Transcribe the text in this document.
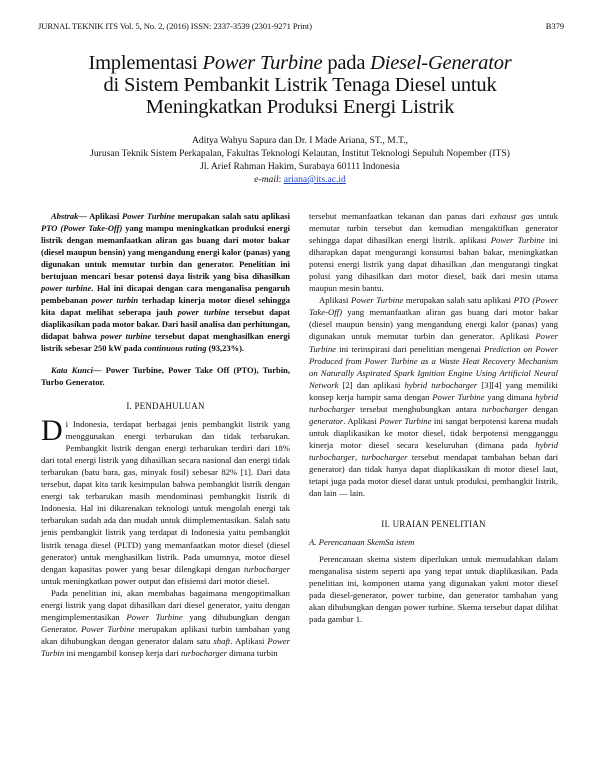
JURNAL TEKNIK ITS Vol. 5, No. 2, (2016) ISSN: 2337-3539 (2301-9271 Print)	B379

Implementasi Power Turbine pada Diesel-Generator

di Sistem Pembankit Listrik Tenaga Diesel untuk

Meningkatkan Produksi Energi Listrik

Aditya Wahyu Sapura dan Dr. I Made Ariana, ST., M.T.,

Jurusan Teknik Sistem Perkapalan, Fakultas Teknologi Kelautan, Institut Teknologi Sepuluh Nopember (ITS)

Jl. Arief Rahman Hakim, Surabaya 60111 Indonesia

e-mail: ariana@its.ac.id

Abstrak— Aplikasi Power Turbine merupakan salah satu aplikasi PTO (Power Take-Off) yang mampu meningkatkan produksi energi listrik dengan memanfaatkan aliran gas buang dari motor bakar (diesel maupun bensin) yang mengandung energi kalor (panas) yang digunakan untuk memutar turbin dan generator. Penelitian ini bertujuan mencari besar potensi daya listrik yang bisa dihasilkan power turbine. Hal ini dicapai dengan cara menganalisa pengaruh pembebanan power turbin terhadap kinerja motor diesel sehingga kita dapat melihat seberapa jauh power turbine tersebut dapat diaplikasikan pada motor bakar. Dari hasil analisa dan perhitungan, didapat bahwa power turbine tersebut dapat menghasilkan energi listrik sebesar 250 kW pada continuous rating (93,23%).

Kata Kunci— Power Turbine, Power Take Off (PTO), Turbin, Turbo Generator.

I. PENDAHULUAN

Di Indonesia, terdapat berbagai jenis pembangkit listrik yang menggunakan energi terbarukan dan tidak terbarukan. Pembangkit listrik dengan energi terbarukan terdiri dari 18% dari total energi listrik yang dihasilkan secara nasional dan energi tidak terbarukan (batu bara, gas, minyak fosil) sebesar 82% [1]. Dari data tersebut, dapat kita tarik kesimpulan bahwa pembangkit listrik dengan energi tak terbarukan masih mendominasi pembangkit listrik di Indonesia. Hal ini dikarenakan teknologi untuk mengolah energi tak terbarukan sudah ada dan mudah untuk diimplementasikan. Salah satu jenis pembangkit listrik yang terdapat di Indonesia yaitu pembangkit listrik tenaga diesel (PLTD) yang memanfaatkan motor diesel (diesel generator) untuk menghasilkan listrik. Pada umumnya, motor diesel dengan kapasitas power yang besar dilengkapi dengan turbocharger untuk meningkatkan power output dan efisiensi dari motor diesel.

Pada penelitian ini, akan membahas bagaimana mengoptimalkan energi listrik yang dapat dihasilkan dari diesel generator, yaitu dengan mengimplementasikan Power Turbine yang dihubungkan dengan Generator. Power Turbine merupakan aplikasi turbin tambahan yang akan dihubungkan dengan generator dalam satu shaft. Aplikasi Power Turbin ini mengambil konsep kerja dari turbocharger dimana turbin

tersebut memanfaatkan tekanan dan panas dari exhaust gas untuk memutar turbin tersebut dan kemudian mengaktifkan generator sehingga dapat dihasilkan energi listrik. aplikasi Power Turbine ini diharapkan dapat mengurangi konsumsi bahan bakar, meningkatkan potensi energi listrik yang dapat dihasilkan ,dan mengurangi tingkat polusi yang dihasilkan dari motor diesel, baik dari mesin utama maupun mesin bantu.

Aplikasi Power Turbine merupakan salah satu aplikasi PTO (Power Take-Off) yang memanfaatkan aliran gas buang dari motor bakar (diesel maupun bensin) yang mengandung energi kalor (panas) yang digunakan untuk memutar turbin dan generator. Aplikasi Power Turbine ini terinspirasi dari penelitian mengenai Prediction on Power Produced from Power Turbine as a Waste Heat Recovery Mechanism on Naturally Aspirated Spark Ignition Engine Using Artificial Neural Network [2] dan aplikasi hybrid turbocharger [3][4] yang memiliki konsep kerja hampir sama dengan Power Turbine yang dimana hybrid turbocharger tersebut menghubungkan antara turbocharger dengan generator. Aplikasi Power Turbine ini sangat berpotensi karena mudah untuk diaplikasikan ke motor diesel, tidak berpotensi mengganggu kinerja motor diesel secara keseluruhan (dimana pada hybrid turbocharger, turbocharger tersebut mendapat tambahan beban dari generator) dan tidak hanya dapat diaplikasikan di motor diesel laut, tetapi juga pada motor diesel darat untuk produksi, pembangkit listrik, dan lain — lain.

II. URAIAN PENELITIAN

A. Perencanaan SkemSa istem

Perencanaan skema sistem diperlukan untuk memudahkan dalam menganalisa sistem seperti apa yang tepat untuk diaplikasikan. Pada penelitian ini, komponen utama yang digunakan yakni motor diesel pada diesel-generator, power turbine, dan generator tambahan yang akan dihubungkan dengan power turbine. Skema tersebut dapat dilihat pada gambar 1.
